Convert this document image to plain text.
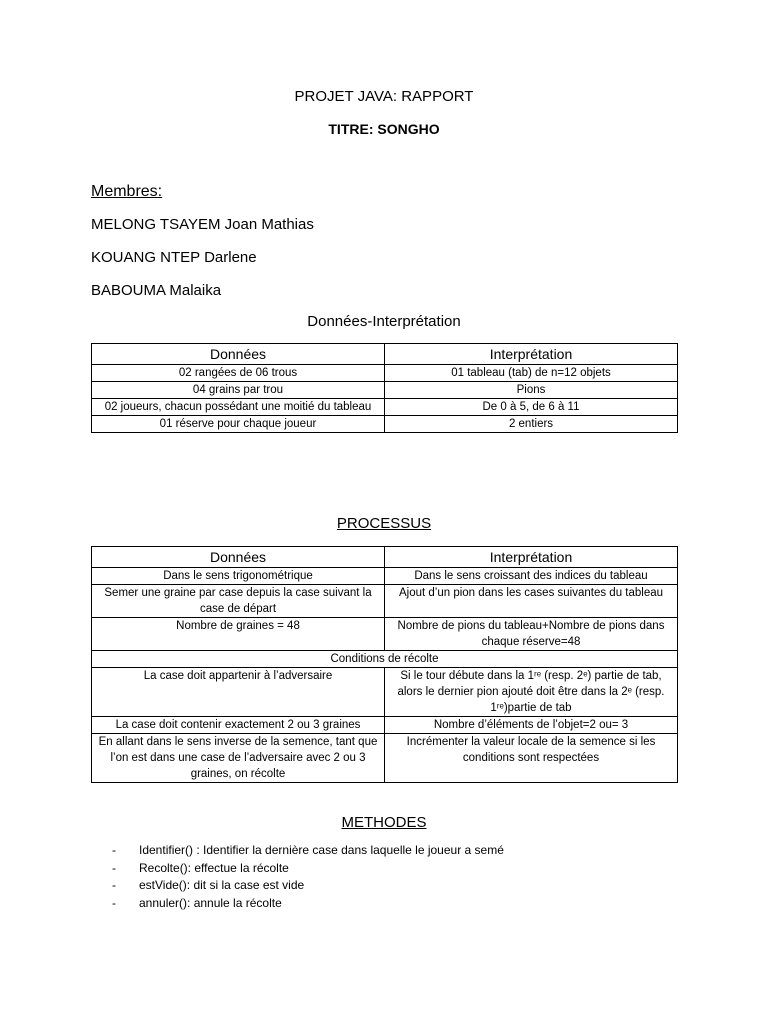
PROJET JAVA: RAPPORT
TITRE: SONGHO
Membres:
MELONG TSAYEM Joan Mathias
KOUANG NTEP Darlene
BABOUMA Malaika
Données-Interprétation
Données	Interprétation
02 rangées de 06 trous	01 tableau (tab) de n=12 objets
04 grains par trou	Pions
02 joueurs, chacun possédant une moitié du tableau	De 0 à 5, de 6 à 11
01 réserve pour chaque joueur	2 entiers
PROCESSUS
Données	Interprétation
Dans le sens trigonométrique	Dans le sens croissant des indices du tableau
Semer une graine par case depuis la case suivant la case de départ	Ajout d’un pion dans les cases suivantes du tableau
Nombre de graines = 48	Nombre de pions du tableau+Nombre de pions dans chaque réserve=48
Conditions de récolte	
La case doit appartenir à l’adversaire	Si le tour débute dans la 1ʳᵉ (resp. 2ᵉ) partie de tab, alors le dernier pion ajouté doit être dans la 2ᵉ (resp. 1ʳᵉ)partie de tab
La case doit contenir exactement 2 ou 3 graines	Nombre d’éléments de l’objet=2 ou= 3
En allant dans le sens inverse de la semence, tant que l’on est dans une case de l’adversaire avec 2 ou 3 graines, on récolte	Incrémenter la valeur locale de la semence si les conditions sont respectées
METHODES
- Identifier() : Identifier la dernière case dans laquelle le joueur a semé
- Recolte(): effectue la récolte
- estVide(): dit si la case est vide
- annuler(): annule la récolte
